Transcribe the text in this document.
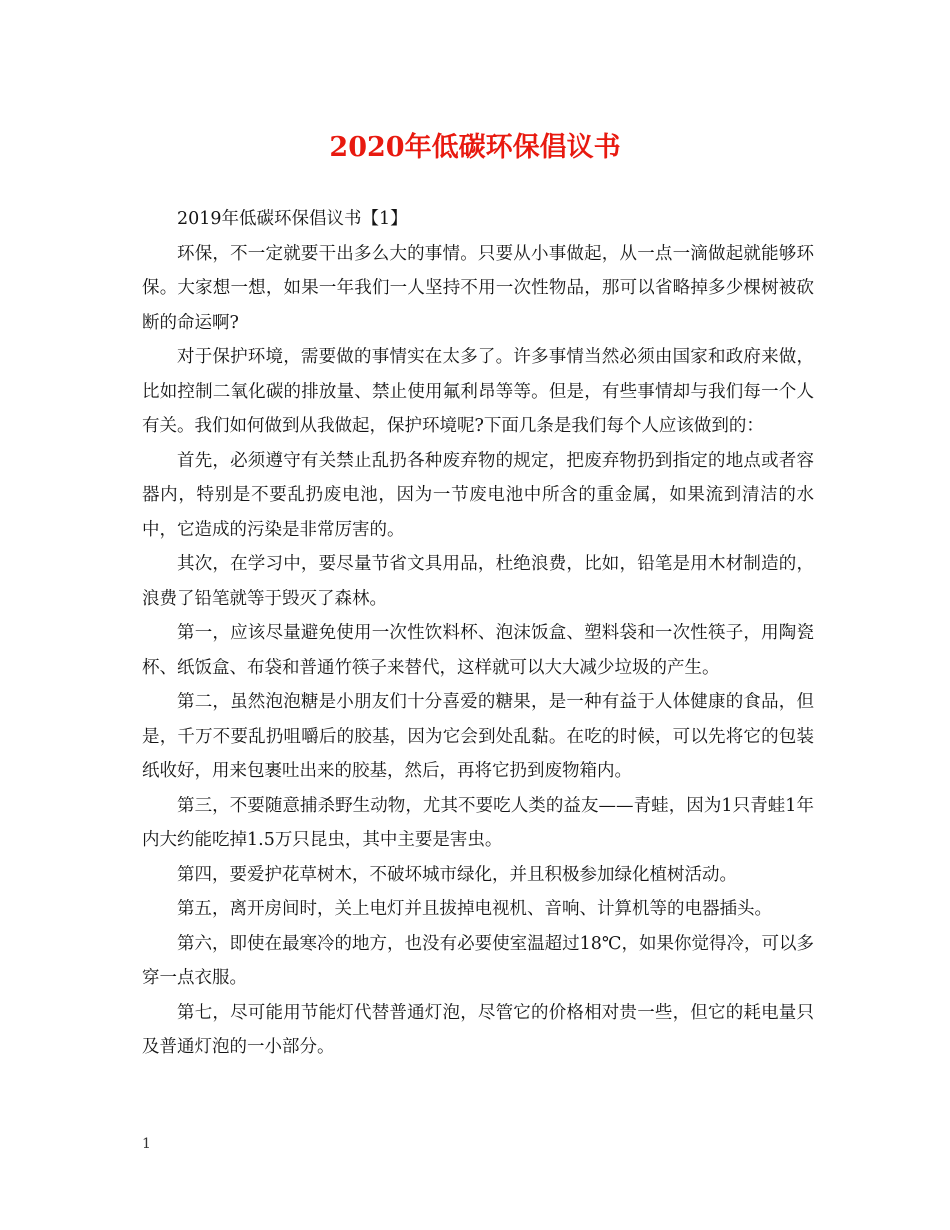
2020年低碳环保倡议书

2019年低碳环保倡议书【1】

环保，不一定就要干出多么大的事情。只要从小事做起，从一点一滴做起就能够环保。大家想一想，如果一年我们一人坚持不用一次性物品，那可以省略掉多少棵树被砍断的命运啊?

对于保护环境，需要做的事情实在太多了。许多事情当然必须由国家和政府来做，比如控制二氧化碳的排放量、禁止使用氟利昂等等。但是，有些事情却与我们每一个人有关。我们如何做到从我做起，保护环境呢?下面几条是我们每个人应该做到的：

首先，必须遵守有关禁止乱扔各种废弃物的规定，把废弃物扔到指定的地点或者容器内，特别是不要乱扔废电池，因为一节废电池中所含的重金属，如果流到清洁的水中，它造成的污染是非常厉害的。

其次，在学习中，要尽量节省文具用品，杜绝浪费，比如，铅笔是用木材制造的，浪费了铅笔就等于毁灭了森林。

第一，应该尽量避免使用一次性饮料杯、泡沫饭盒、塑料袋和一次性筷子，用陶瓷杯、纸饭盒、布袋和普通竹筷子来替代，这样就可以大大减少垃圾的产生。

第二，虽然泡泡糖是小朋友们十分喜爱的糖果，是一种有益于人体健康的食品，但是，千万不要乱扔咀嚼后的胶基，因为它会到处乱黏。在吃的时候，可以先将它的包装纸收好，用来包裹吐出来的胶基，然后，再将它扔到废物箱内。

第三，不要随意捕杀野生动物，尤其不要吃人类的益友——青蛙，因为1只青蛙1年内大约能吃掉1.5万只昆虫，其中主要是害虫。

第四，要爱护花草树木，不破坏城市绿化，并且积极参加绿化植树活动。

第五，离开房间时，关上电灯并且拔掉电视机、音响、计算机等的电器插头。

第六，即使在最寒冷的地方，也没有必要使室温超过18℃，如果你觉得冷，可以多穿一点衣服。

第七，尽可能用节能灯代替普通灯泡，尽管它的价格相对贵一些，但它的耗电量只及普通灯泡的一小部分。

1
